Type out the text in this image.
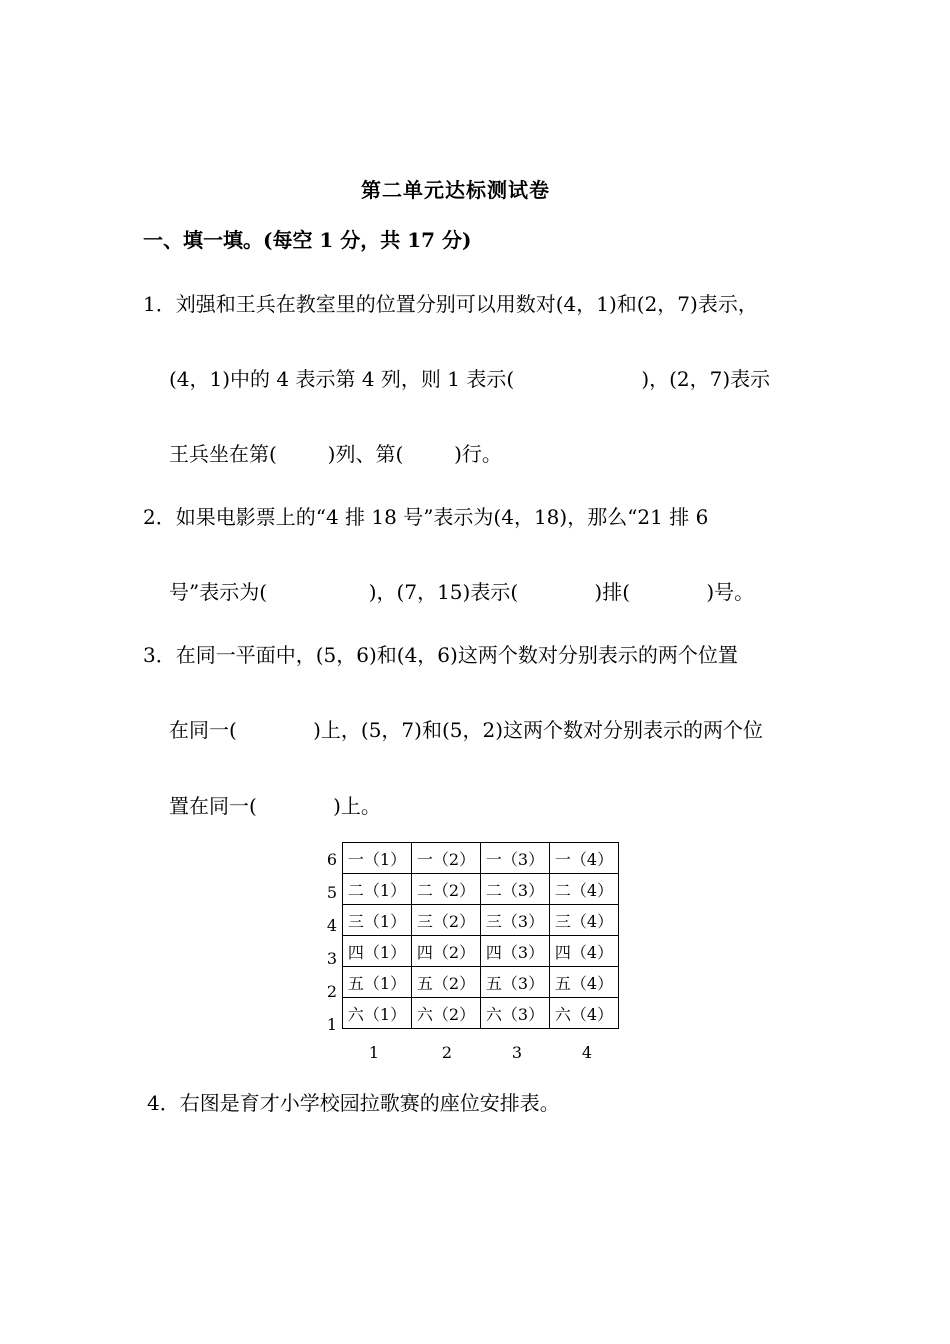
第二单元达标测试卷
一、填一填。(每空 1 分，共 17 分)
1．刘强和王兵在教室里的位置分别可以用数对(4，1)和(2，7)表示，
(4，1)中的 4 表示第 4 列，则 1 表示(                    )，(2，7)表示
王兵坐在第(        )列、第(        )行。
2．如果电影票上的“4 排 18 号”表示为(4，18)，那么“21 排 6
号”表示为(                )，(7，15)表示(            )排(            )号。
3．在同一平面中，(5，6)和(4，6)这两个数对分别表示的两个位置
在同一(            )上，(5，7)和(5，2)这两个数对分别表示的两个位
置在同一(            )上。
6
5
4
3
2
1
一（1）	一（2）	一（3）	一（4）
二（1）	二（2）	二（3）	二（4）
三（1）	三（2）	三（3）	三（4）
四（1）	四（2）	四（3）	四（4）
五（1）	五（2）	五（3）	五（4）
六（1）	六（2）	六（3）	六（4）
1	2	3	4
4．右图是育才小学校园拉歌赛的座位安排表。
